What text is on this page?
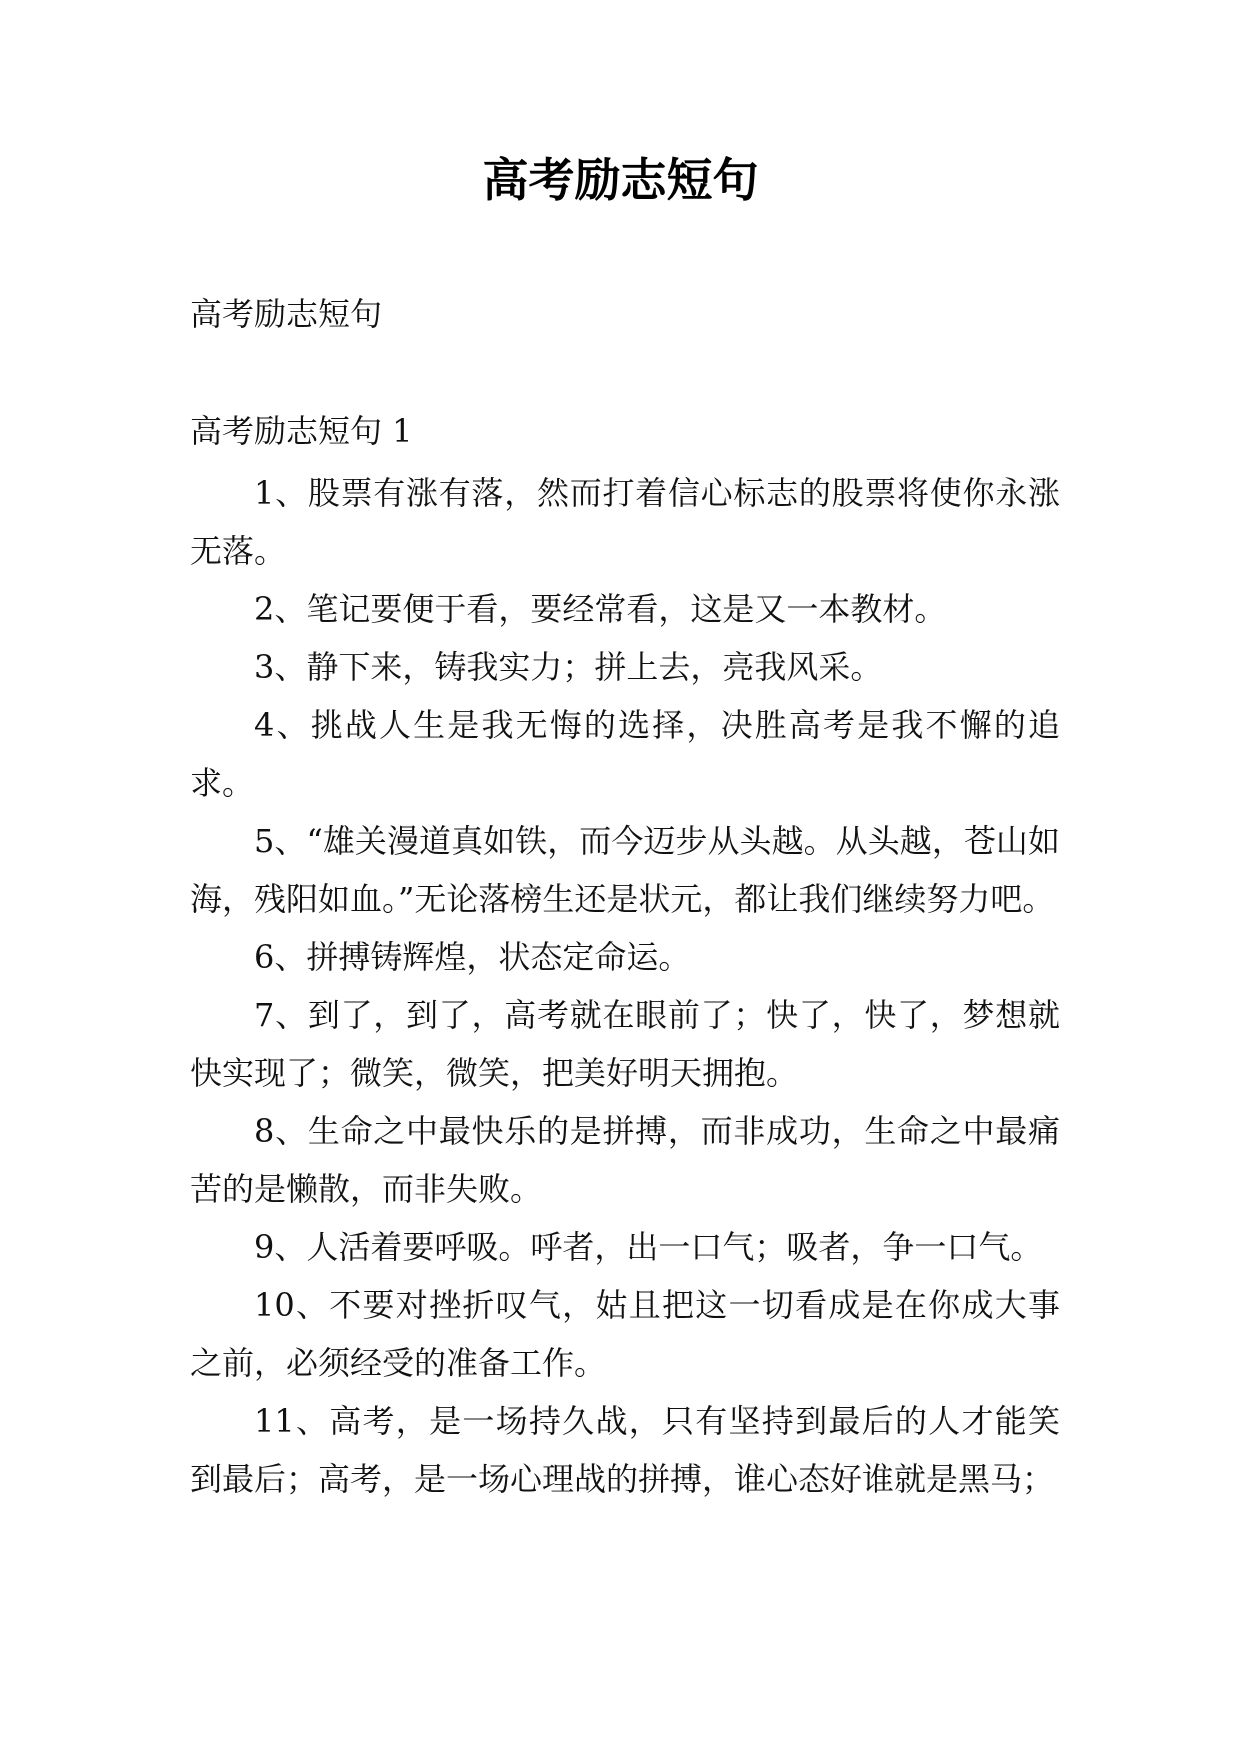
高考励志短句

高考励志短句

高考励志短句 1

1、股票有涨有落，然而打着信心标志的股票将使你永涨无落。

2、笔记要便于看，要经常看，这是又一本教材。

3、静下来，铸我实力；拼上去，亮我风采。

4、挑战人生是我无悔的选择，决胜高考是我不懈的追求。

5、“雄关漫道真如铁，而今迈步从头越。从头越，苍山如海，残阳如血。”无论落榜生还是状元，都让我们继续努力吧。

6、拼搏铸辉煌，状态定命运。

7、到了，到了，高考就在眼前了；快了，快了，梦想就快实现了；微笑，微笑，把美好明天拥抱。

8、生命之中最快乐的是拼搏，而非成功，生命之中最痛苦的是懒散，而非失败。

9、人活着要呼吸。呼者，出一口气；吸者，争一口气。

10、不要对挫折叹气，姑且把这一切看成是在你成大事之前，必须经受的准备工作。

11、高考，是一场持久战，只有坚持到最后的人才能笑到最后；高考，是一场心理战的拼搏，谁心态好谁就是黑马；
